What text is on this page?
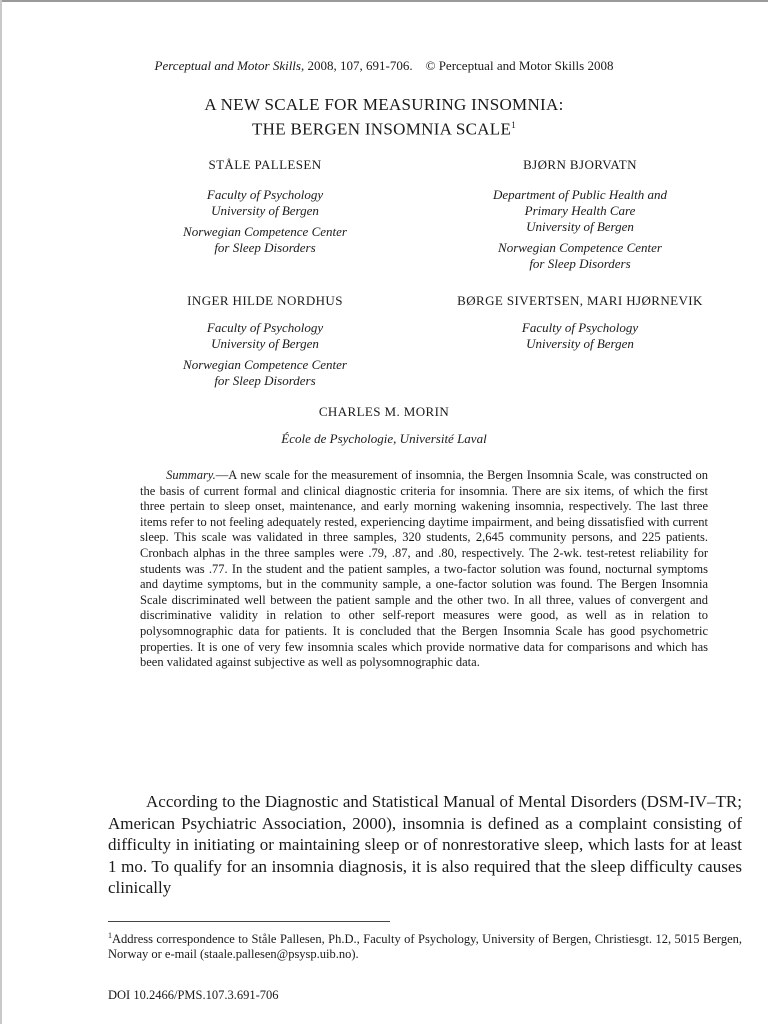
Perceptual and Motor Skills, 2008, 107, 691-706. © Perceptual and Motor Skills 2008
A NEW SCALE FOR MEASURING INSOMNIA:
THE BERGEN INSOMNIA SCALE$^1$
STÅLE PALLESEN
Faculty of Psychology
University of Bergen
Norwegian Competence Center
for Sleep Disorders
BJØRN BJORVATN
Department of Public Health and
Primary Health Care
University of Bergen
Norwegian Competence Center
for Sleep Disorders
INGER HILDE NORDHUS
Faculty of Psychology
University of Bergen
Norwegian Competence Center
for Sleep Disorders
BØRGE SIVERTSEN, MARI HJØRNEVIK
Faculty of Psychology
University of Bergen
CHARLES M. MORIN
École de Psychologie, Université Laval
Summary.—A new scale for the measurement of insomnia, the Bergen Insomnia Scale, was constructed on the basis of current formal and clinical diagnostic criteria for insomnia. There are six items, of which the first three pertain to sleep onset, maintenance, and early morning wakening insomnia, respectively. The last three items refer to not feeling adequately rested, experiencing daytime impairment, and being dissatisfied with current sleep. This scale was validated in three samples, 320 students, 2,645 community persons, and 225 patients. Cronbach alphas in the three samples were .79, .87, and .80, respectively. The 2-wk. test-retest reliability for students was .77. In the student and the patient samples, a two-factor solution was found, nocturnal symptoms and daytime symptoms, but in the community sample, a one-factor solution was found. The Bergen Insomnia Scale discriminated well between the patient sample and the other two. In all three, values of convergent and discriminative validity in relation to other self-report measures were good, as well as in relation to polysomnographic data for patients. It is concluded that the Bergen Insomnia Scale has good psychometric properties. It is one of very few insomnia scales which provide normative data for comparisons and which has been validated against subjective as well as polysomnographic data.
According to the Diagnostic and Statistical Manual of Mental Disorders (DSM-IV–TR; American Psychiatric Association, 2000), insomnia is defined as a complaint consisting of difficulty in initiating or maintaining sleep or of nonrestorative sleep, which lasts for at least 1 mo. To qualify for an insomnia diagnosis, it is also required that the sleep difficulty causes clinically
$^1$Address correspondence to Ståle Pallesen, Ph.D., Faculty of Psychology, University of Bergen, Christiesgt. 12, 5015 Bergen, Norway or e-mail (staale.pallesen@psysp.uib.no).
DOI 10.2466/PMS.107.3.691-706
